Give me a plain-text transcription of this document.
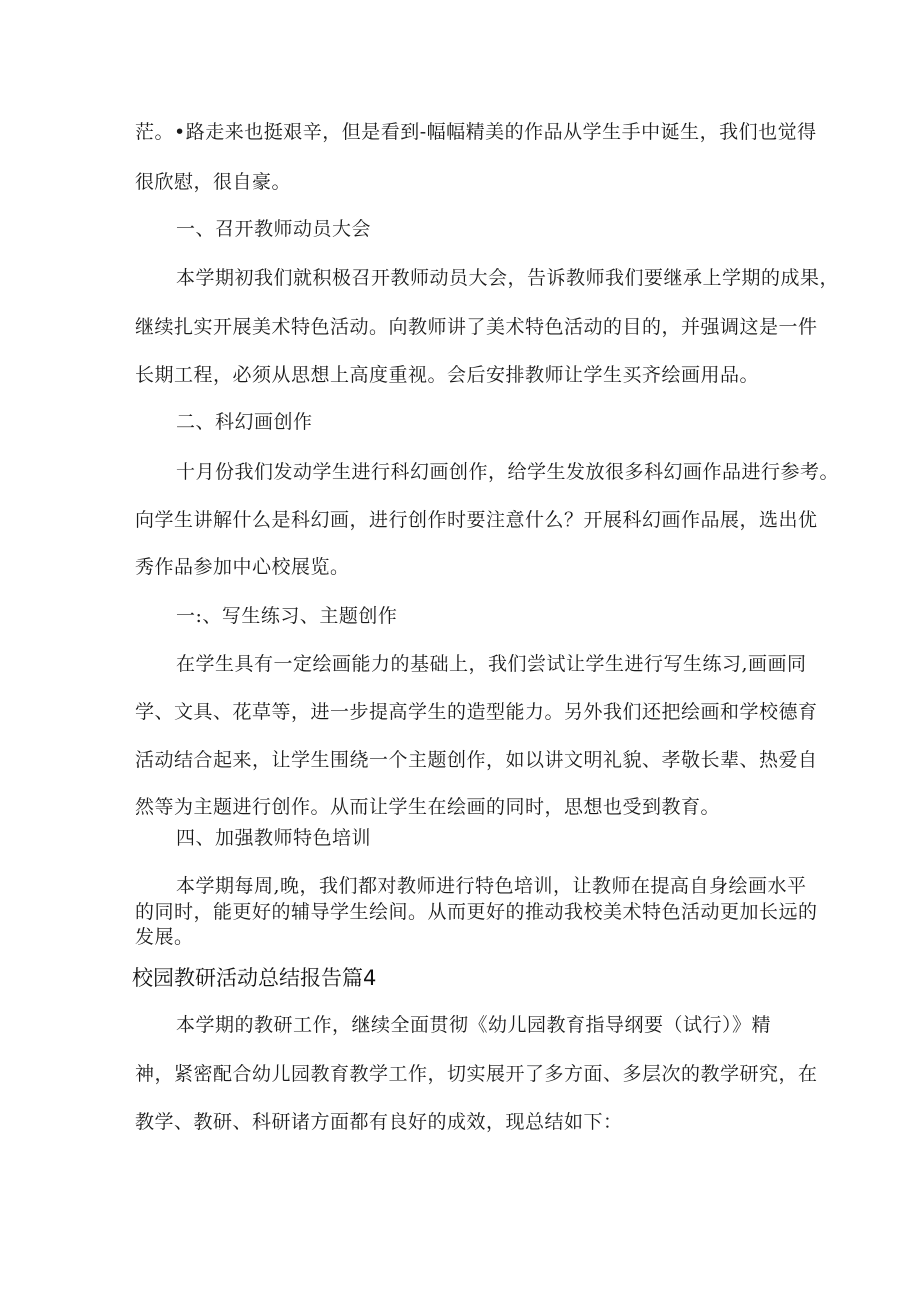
茫。•路走来也挺艰辛，但是看到-幅幅精美的作品从学生手中诞生，我们也觉得
很欣慰，很自豪。
一、召开教师动员大会
本学期初我们就积极召开教师动员大会，告诉教师我们要继承上学期的成果，
继续扎实开展美术特色活动。向教师讲了美术特色活动的目的，并强调这是一件
长期工程，必须从思想上高度重视。会后安排教师让学生买齐绘画用品。
二、科幻画创作
十月份我们发动学生进行科幻画创作，给学生发放很多科幻画作品进行参考。
向学生讲解什么是科幻画，进行创作时要注意什么？开展科幻画作品展，选出优
秀作品参加中心校展览。
一:、写生练习、主题创作
在学生具有一定绘画能力的基础上，我们尝试让学生进行写生练习,画画同
学、文具、花草等，进一步提高学生的造型能力。另外我们还把绘画和学校德育
活动结合起来，让学生围绕一个主题创作，如以讲文明礼貌、孝敬长辈、热爱自
然等为主题进行创作。从而让学生在绘画的同时，思想也受到教育。
四、加强教师特色培训
本学期每周,晚，我们都对教师进行特色培训，让教师在提高自身绘画水平
的同时，能更好的辅导学生绘间。从而更好的推动我校美术特色活动更加长远的
发展。
校园教研活动总结报告篇4
本学期的教研工作，继续全面贯彻《幼儿园教育指导纲要（试行）》精
神，紧密配合幼儿园教育教学工作，切实展开了多方面、多层次的教学研究，在
教学、教研、科研诸方面都有良好的成效，现总结如下：
